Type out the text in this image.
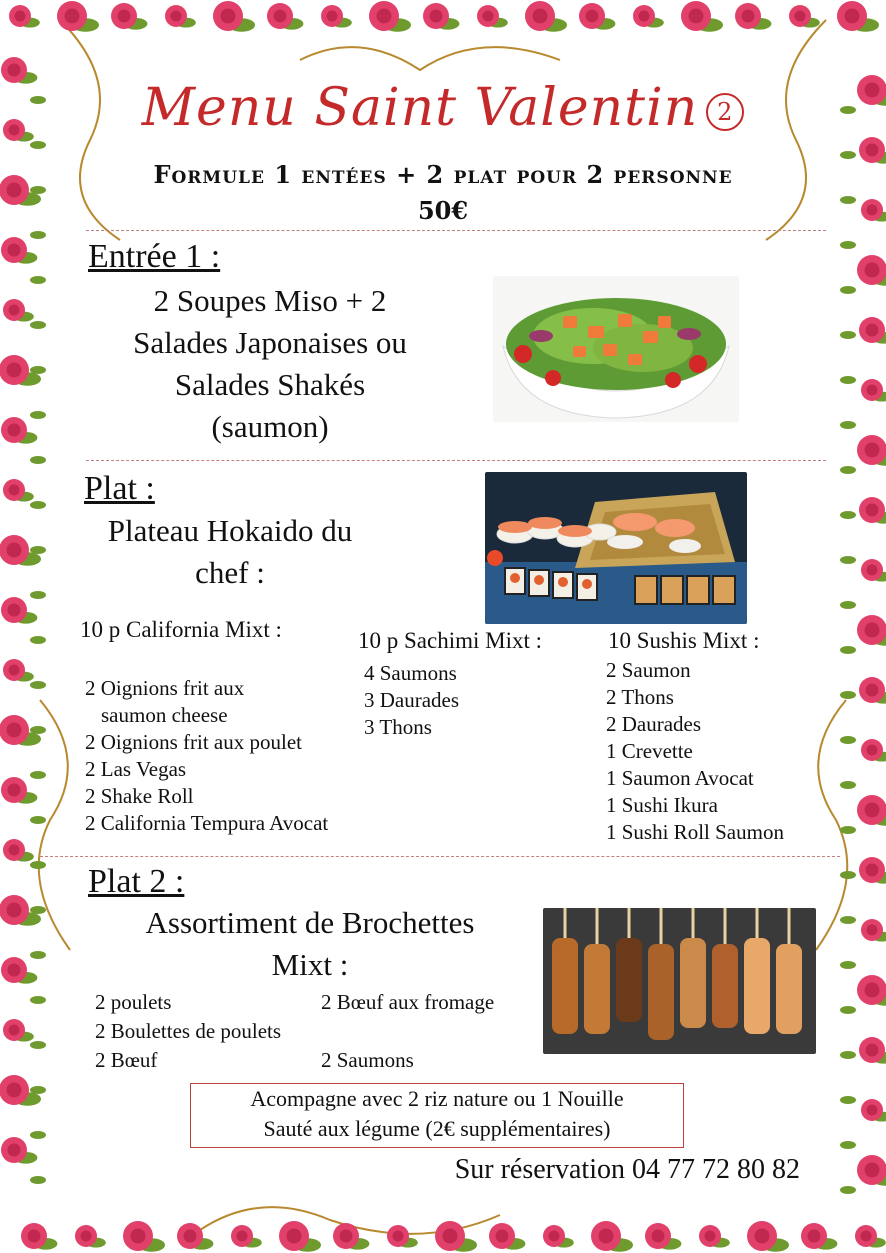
Menu Saint Valentin 2
Formule 1 entées + 2 plat pour 2 personne
50€
Entrée 1 :
2 Soupes Miso + 2
Salades Japonaises ou
Salades Shakés
(saumon)
Plat :
Plateau Hokaido du
chef :
10 p California Mixt :
2 Oignions frit aux
saumon cheese
2 Oignions frit aux poulet
2 Las Vegas
2 Shake Roll
2 California Tempura Avocat
10 p Sachimi Mixt :
4 Saumons
3 Daurades
3 Thons
10 Sushis Mixt :
2 Saumon
2 Thons
2 Daurades
1 Crevette
1 Saumon Avocat
1 Sushi Ikura
1 Sushi Roll Saumon
Plat 2 :
Assortiment de Brochettes
Mixt :
2 poulets
2 Boulettes de poulets
2 Bœuf
2 Bœuf aux fromage
2 Saumons
Acompagne avec 2 riz nature ou 1 Nouille
Sauté aux légume (2€ supplémentaires)
Sur réservation 04 77 72 80 82
